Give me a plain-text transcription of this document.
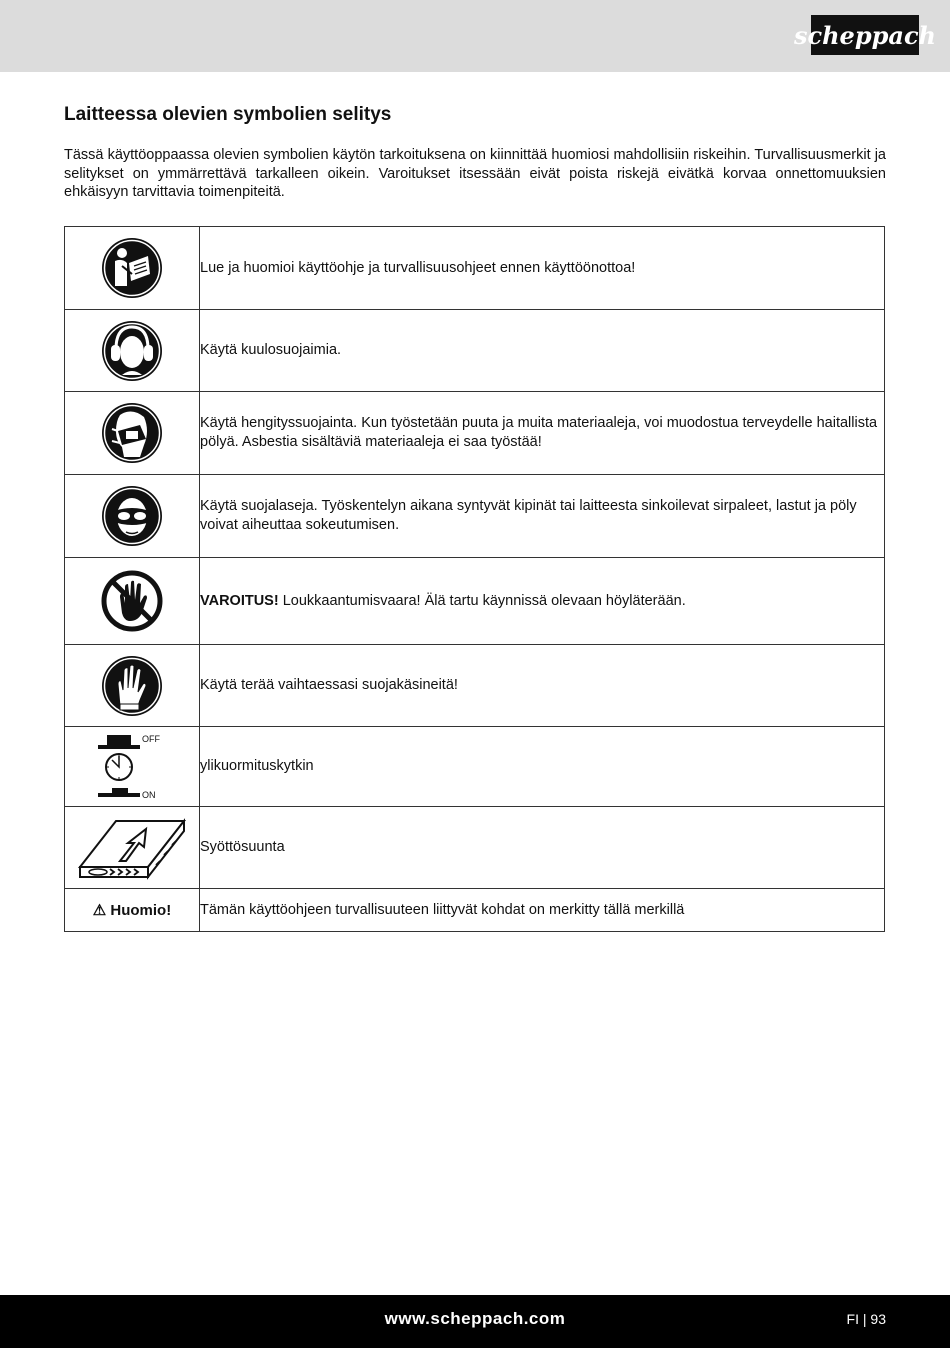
scheppach
Laitteessa olevien symbolien selitys

Tässä käyttöoppaassa olevien symbolien käytön tarkoituksena on kiinnittää huomiosi mahdollisiin riskeihin. Turvallisuusmerkit ja selitykset on ymmärrettävä tarkalleen oikein. Varoitukset itsessään eivät poista riskejä eivätkä korvaa onnettomuuksien ehkäisyyn tarvittavia toimenpiteitä.

	Lue ja huomioi käyttöohje ja turvallisuusohjeet ennen käyttöönottoa!

	Käytä kuulosuojaimia.

	Käytä hengityssuojainta. Kun työstetään puuta ja muita materiaaleja, voi muodostua terveydelle haitallista pölyä. Asbestia sisältäviä materiaaleja ei saa työstää!

	Käytä suojalaseja. Työskentelyn aikana syntyvät kipinät tai laitteesta sinkoilevat sirpaleet, lastut ja pöly voivat aiheuttaa sokeutumisen.

	VAROITUS! Loukkaantumisvaara! Älä tartu käynnissä olevaan höyläterään.

	Käytä terää vaihtaessasi suojakäsineitä!

OFF
ON	ylikuormituskytkin

	Syöttösuunta
⚠ Huomio!	Tämän käyttöohjeen turvallisuuteen liittyvät kohdat on merkitty tällä merkillä
www.scheppach.com	FI | 93
